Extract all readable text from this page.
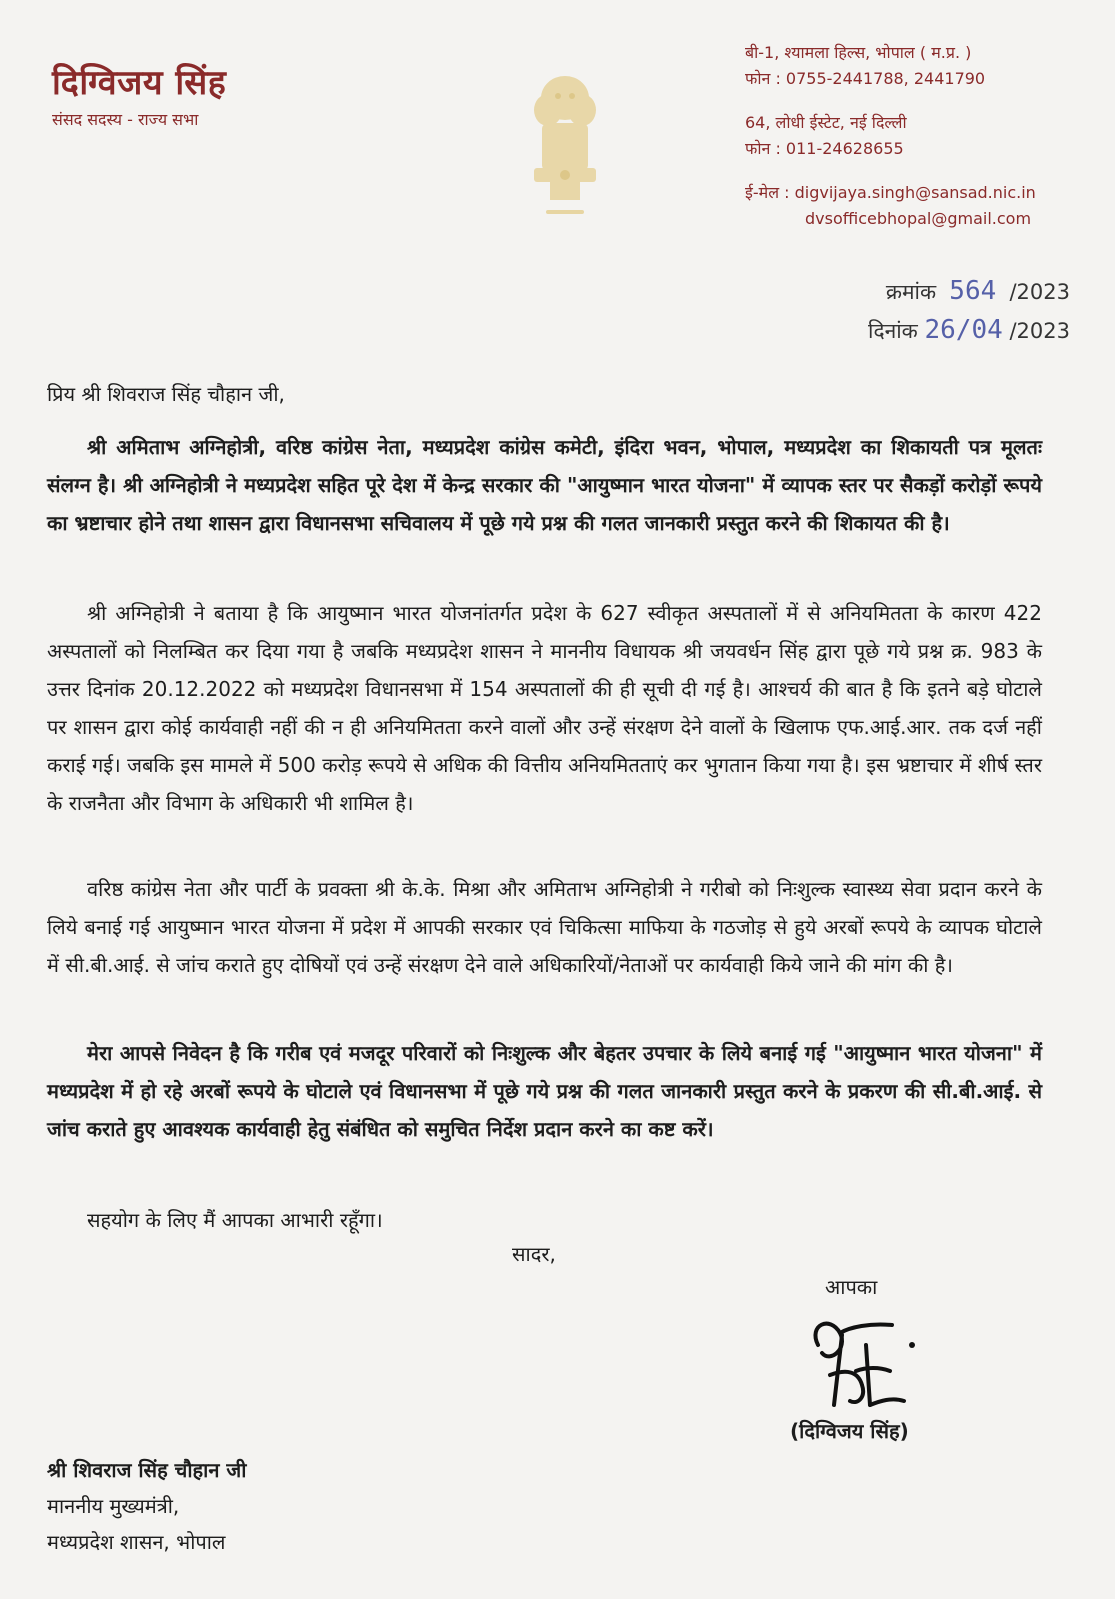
दिग्विजय सिंह
संसद सदस्य - राज्य सभा
बी-1, श्यामला हिल्स, भोपाल ( म.प्र. )
फोन : 0755-2441788, 2441790
64, लोधी ईस्टेट, नई दिल्ली
फोन : 011-24628655
ई-मेल : digvijaya.singh@sansad.nic.in
dvsofficebhopal@gmail.com
क्रमांक 564 /2023
दिनांक 26/04 /2023
प्रिय श्री शिवराज सिंह चौहान जी,

श्री अमिताभ अग्निहोत्री, वरिष्ठ कांग्रेस नेता, मध्यप्रदेश कांग्रेस कमेटी, इंदिरा भवन, भोपाल, मध्यप्रदेश का शिकायती पत्र मूलतः संलग्न है। श्री अग्निहोत्री ने मध्यप्रदेश सहित पूरे देश में केन्द्र सरकार की "आयुष्मान भारत योजना" में व्यापक स्तर पर सैकड़ों करोड़ों रूपये का भ्रष्टाचार होने तथा शासन द्वारा विधानसभा सचिवालय में पूछे गये प्रश्न की गलत जानकारी प्रस्तुत करने की शिकायत की है।

श्री अग्निहोत्री ने बताया है कि आयुष्मान भारत योजनांतर्गत प्रदेश के 627 स्वीकृत अस्पतालों में से अनियमितता के कारण 422 अस्पतालों को निलम्बित कर दिया गया है जबकि मध्यप्रदेश शासन ने माननीय विधायक श्री जयवर्धन सिंह द्वारा पूछे गये प्रश्न क्र. 983 के उत्तर दिनांक 20.12.2022 को मध्यप्रदेश विधानसभा में 154 अस्पतालों की ही सूची दी गई है। आश्चर्य की बात है कि इतने बड़े घोटाले पर शासन द्वारा कोई कार्यवाही नहीं की न ही अनियमितता करने वालों और उन्हें संरक्षण देने वालों के खिलाफ एफ.आई.आर. तक दर्ज नहीं कराई गई। जबकि इस मामले में 500 करोड़ रूपये से अधिक की वित्तीय अनियमितताएं कर भुगतान किया गया है। इस भ्रष्टाचार में शीर्ष स्तर के राजनैता और विभाग के अधिकारी भी शामिल है।

वरिष्ठ कांग्रेस नेता और पार्टी के प्रवक्ता श्री के.के. मिश्रा और अमिताभ अग्निहोत्री ने गरीबो को निःशुल्क स्वास्थ्य सेवा प्रदान करने के लिये बनाई गई आयुष्मान भारत योजना में प्रदेश में आपकी सरकार एवं चिकित्सा माफिया के गठजोड़ से हुये अरबों रूपये के व्यापक घोटाले में सी.बी.आई. से जांच कराते हुए दोषियों एवं उन्हें संरक्षण देने वाले अधिकारियों/नेताओं पर कार्यवाही किये जाने की मांग की है।

मेरा आपसे निवेदन है कि गरीब एवं मजदूर परिवारों को निःशुल्क और बेहतर उपचार के लिये बनाई गई "आयुष्मान भारत योजना" में मध्यप्रदेश में हो रहे अरबों रूपये के घोटाले एवं विधानसभा में पूछे गये प्रश्न की गलत जानकारी प्रस्तुत करने के प्रकरण की सी.बी.आई. से जांच कराते हुए आवश्यक कार्यवाही हेतु संबंधित को समुचित निर्देश प्रदान करने का कष्ट करें।

सहयोग के लिए मैं आपका आभारी रहूँगा।
सादर,
आपका
(दिग्विजय सिंह)
श्री शिवराज सिंह चौहान जी
माननीय मुख्यमंत्री,
मध्यप्रदेश शासन, भोपाल
